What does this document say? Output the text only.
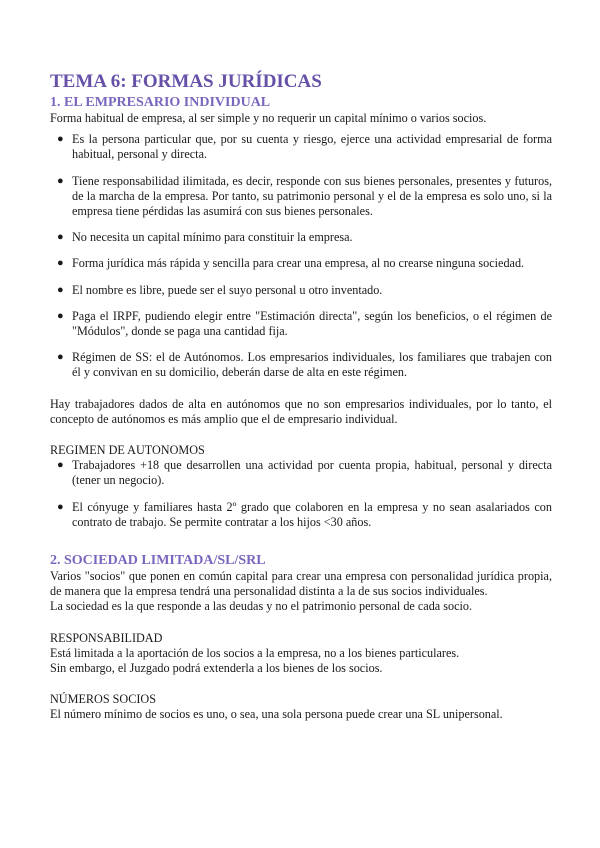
TEMA 6: FORMAS JURÍDICAS
1. EL EMPRESARIO INDIVIDUAL

Forma habitual de empresa, al ser simple y no requerir un capital mínimo o varios socios.

● Es la persona particular que, por su cuenta y riesgo, ejerce una actividad empresarial de forma habitual, personal y directa.
● Tiene responsabilidad ilimitada, es decir, responde con sus bienes personales, presentes y futuros, de la marcha de la empresa. Por tanto, su patrimonio personal y el de la empresa es solo uno, si la empresa tiene pérdidas las asumirá con sus bienes personales.
● No necesita un capital mínimo para constituir la empresa.
● Forma jurídica más rápida y sencilla para crear una empresa, al no crearse ninguna sociedad.
● El nombre es libre, puede ser el suyo personal u otro inventado.
● Paga el IRPF, pudiendo elegir entre "Estimación directa", según los beneficios, o el régimen de "Módulos", donde se paga una cantidad fija.
● Régimen de SS: el de Autónomos. Los empresarios individuales, los familiares que trabajen con él y convivan en su domicilio, deberán darse de alta en este régimen.

Hay trabajadores dados de alta en autónomos que no son empresarios individuales, por lo tanto, el concepto de autónomos es más amplio que el de empresario individual.

REGIMEN DE AUTONOMOS

● Trabajadores +18 que desarrollen una actividad por cuenta propia, habitual, personal y directa (tener un negocio).
● El cónyuge y familiares hasta 2º grado que colaboren en la empresa y no sean asalariados con contrato de trabajo. Se permite contratar a los hijos <30 años.
2. SOCIEDAD LIMITADA/SL/SRL

Varios "socios" que ponen en común capital para crear una empresa con personalidad jurídica propia, de manera que la empresa tendrá una personalidad distinta a la de sus socios individuales.

La sociedad es la que responde a las deudas y no el patrimonio personal de cada socio.

RESPONSABILIDAD

Está limitada a la aportación de los socios a la empresa, no a los bienes particulares.

Sin embargo, el Juzgado podrá extenderla a los bienes de los socios.

NÚMEROS SOCIOS

El número mínimo de socios es uno, o sea, una sola persona puede crear una SL unipersonal.
